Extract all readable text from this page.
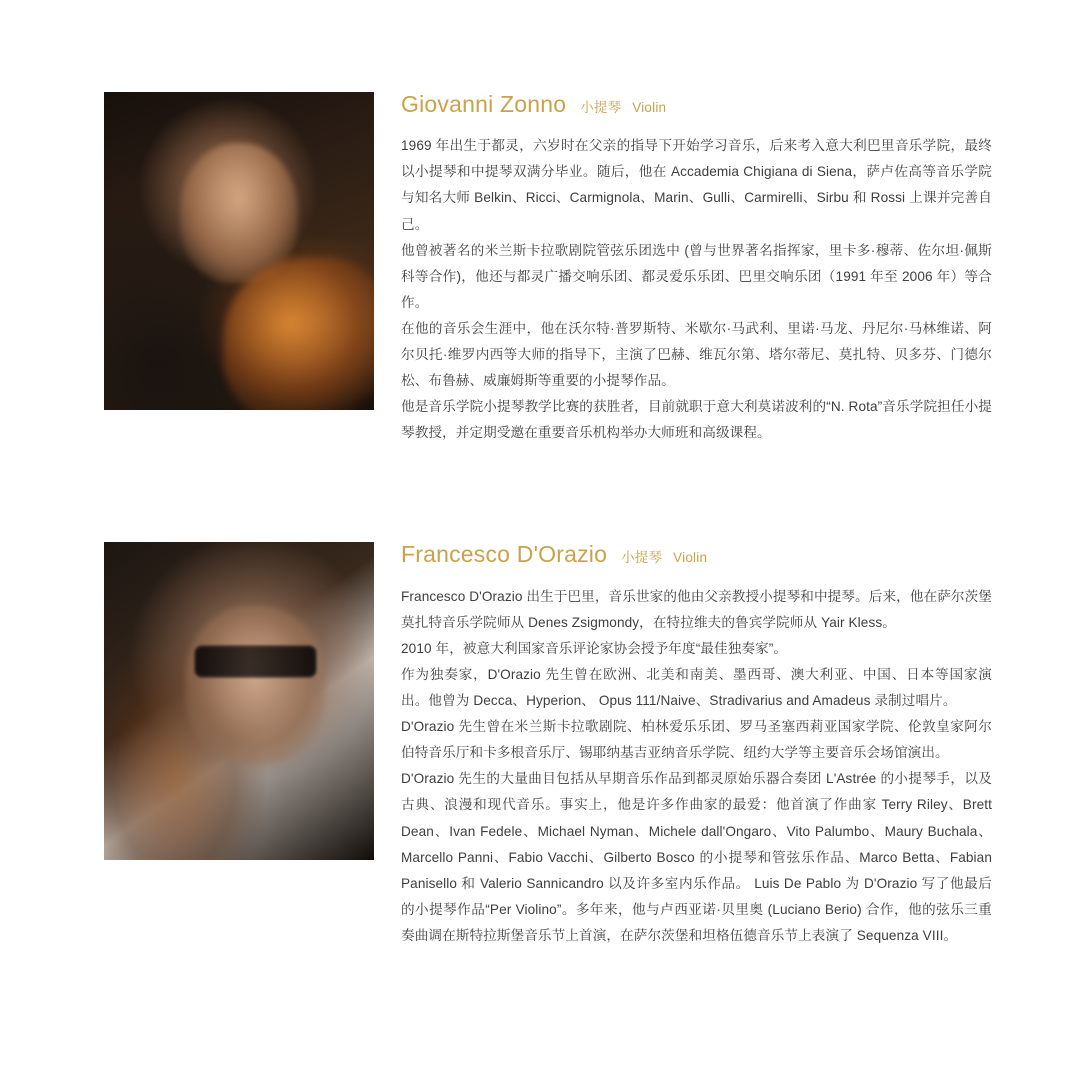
Giovanni Zonno 小提琴 Violin

1969 年出生于都灵，六岁时在父亲的指导下开始学习音乐，后来考入意大利巴里音乐学院，最终以小提琴和中提琴双满分毕业。随后，他在 Accademia Chigiana di Siena，萨卢佐高等音乐学院与知名大师 Belkin、Ricci、Carmignola、Marin、Gulli、Carmirelli、Sirbu 和 Rossi 上课并完善自己。

他曾被著名的米兰斯卡拉歌剧院管弦乐团选中 (曾与世界著名指挥家，里卡多·穆蒂、佐尔坦·佩斯科等合作)，他还与都灵广播交响乐团、都灵爱乐乐团、巴里交响乐团（1991 年至 2006 年）等合作。

在他的音乐会生涯中，他在沃尔特·普罗斯特、米歇尔·马武利、里诺·马龙、丹尼尔·马林维诺、阿尔贝托·维罗内西等大师的指导下，主演了巴赫、维瓦尔第、塔尔蒂尼、莫扎特、贝多芬、门德尔松、布鲁赫、威廉姆斯等重要的小提琴作品。

他是音乐学院小提琴教学比赛的获胜者，目前就职于意大利莫诺波利的“N. Rota”音乐学院担任小提琴教授，并定期受邀在重要音乐机构举办大师班和高级课程。

Francesco D'Orazio 小提琴 Violin

Francesco D'Orazio 出生于巴里，音乐世家的他由父亲教授小提琴和中提琴。后来，他在萨尔茨堡莫扎特音乐学院师从 Denes Zsigmondy，在特拉维夫的鲁宾学院师从 Yair Kless。

2010 年，被意大利国家音乐评论家协会授予年度“最佳独奏家”。

作为独奏家，D'Orazio 先生曾在欧洲、北美和南美、墨西哥、澳大利亚、中国、日本等国家演出。他曾为 Decca、Hyperion、 Opus 111/Naive、Stradivarius and Amadeus 录制过唱片。

D'Orazio 先生曾在米兰斯卡拉歌剧院、柏林爱乐乐团、罗马圣塞西莉亚国家学院、伦敦皇家阿尔伯特音乐厅和卡多根音乐厅、锡耶纳基吉亚纳音乐学院、纽约大学等主要音乐会场馆演出。

D'Orazio 先生的大量曲目包括从早期音乐作品到都灵原始乐器合奏团 L'Astrée 的小提琴手，以及古典、浪漫和现代音乐。事实上，他是许多作曲家的最爱：他首演了作曲家 Terry Riley、Brett Dean、Ivan Fedele、Michael Nyman、Michele dall'Ongaro、Vito Palumbo、Maury Buchala、Marcello Panni、Fabio Vacchi、Gilberto Bosco 的小提琴和管弦乐作品、Marco Betta、Fabian Panisello 和 Valerio Sannicandro 以及许多室内乐作品。 Luis De Pablo 为 D'Orazio 写了他最后的小提琴作品“Per Violino”。多年来，他与卢西亚诺·贝里奥 (Luciano Berio) 合作，他的弦乐三重奏曲调在斯特拉斯堡音乐节上首演，在萨尔茨堡和坦格伍德音乐节上表演了 Sequenza VIII。
